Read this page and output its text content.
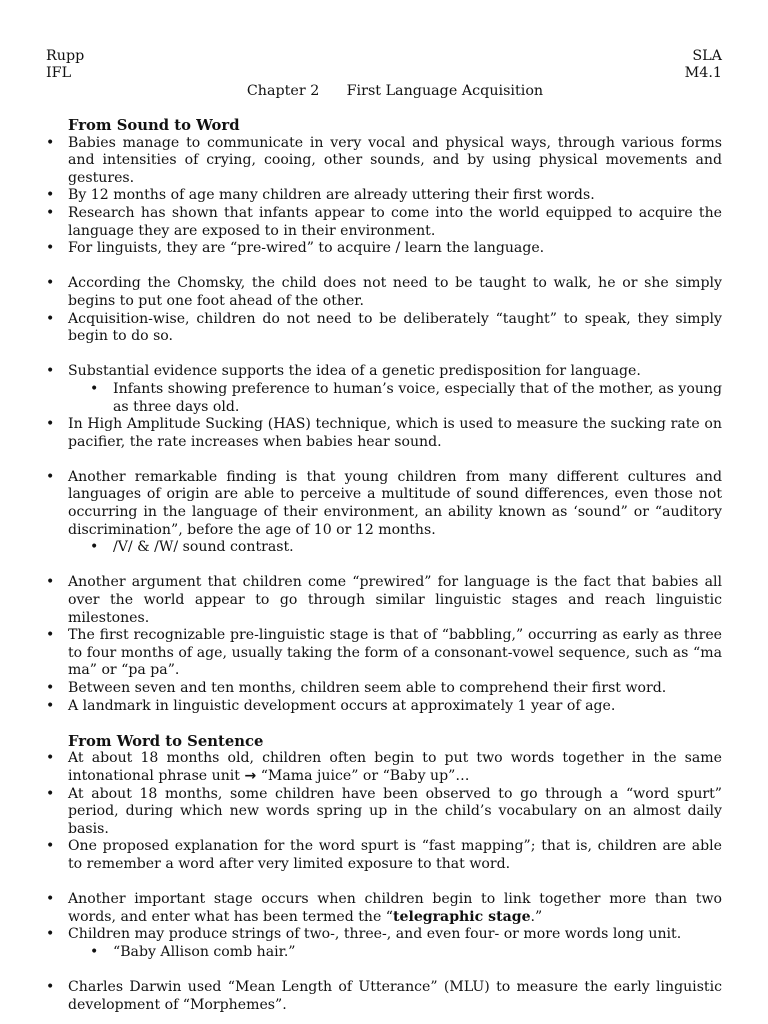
Rupp
IFL
SLA
M4.1
Chapter 2      First Language Acquisition
From Sound to Word
• Babies manage to communicate in very vocal and physical ways, through various forms and intensities of crying, cooing, other sounds, and by using physical movements and gestures.
• By 12 months of age many children are already uttering their first words.
• Research has shown that infants appear to come into the world equipped to acquire the language they are exposed to in their environment.
• For linguists, they are “pre-wired” to acquire / learn the language.
• According the Chomsky, the child does not need to be taught to walk, he or she simply begins to put one foot ahead of the other.
• Acquisition-wise, children do not need to be deliberately “taught” to speak, they simply begin to do so.
• Substantial evidence supports the idea of a genetic predisposition for language.
• Infants showing preference to human’s voice, especially that of the mother, as young as three days old.
• In High Amplitude Sucking (HAS) technique, which is used to measure the sucking rate on pacifier, the rate increases when babies hear sound.
• Another remarkable finding is that young children from many different cultures and languages of origin are able to perceive a multitude of sound differences, even those not occurring in the language of their environment, an ability known as ‘sound” or “auditory discrimination”, before the age of 10 or 12 months.
• /V/ & /W/ sound contrast.
• Another argument that children come “prewired” for language is the fact that babies all over the world appear to go through similar linguistic stages and reach linguistic milestones.
• The first recognizable pre-linguistic stage is that of “babbling,” occurring as early as three to four months of age, usually taking the form of a consonant-vowel sequence, such as “ma ma” or “pa pa”.
• Between seven and ten months, children seem able to comprehend their first word.
• A landmark in linguistic development occurs at approximately 1 year of age.
From Word to Sentence
• At about 18 months old, children often begin to put two words together in the same intonational phrase unit → “Mama juice” or “Baby up”…
• At about 18 months, some children have been observed to go through a “word spurt” period, during which new words spring up in the child’s vocabulary on an almost daily basis.
• One proposed explanation for the word spurt is “fast mapping”; that is, children are able to remember a word after very limited exposure to that word.
• Another important stage occurs when children begin to link together more than two words, and enter what has been termed the “telegraphic stage.”
• Children may produce strings of two-, three-, and even four- or more words long unit.
• “Baby Allison comb hair.”
• Charles Darwin used “Mean Length of Utterance” (MLU) to measure the early linguistic development of “Morphemes”.
